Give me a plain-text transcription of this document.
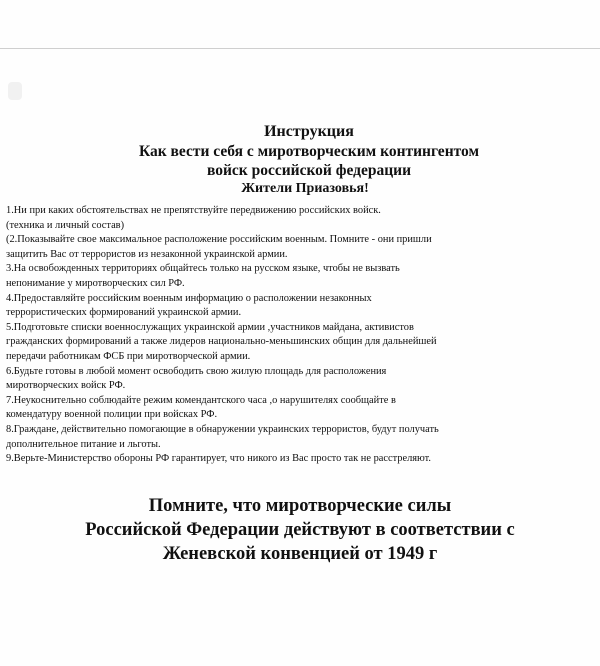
Инструкция
Как вести себя с миротворческим контингентом
войск российской федерации
Жители Приазовья!
1.Ни при каких обстоятельствах не препятствуйте передвижению российских войск.
(техника и личный состав)
(2.Показывайте свое максимальное расположение российским военным. Помните - они пришли
защитить Вас от террористов из незаконной украинской армии.
3.На освобожденных территориях общайтесь только на русском языке, чтобы не вызвать
непонимание у миротворческих сил РФ.
4.Предоставляйте российским военным информацию о расположении незаконных
террористических формирований украинской армии.
5.Подготовьте списки военнослужащих украинской армии ,участников майдана, активистов
гражданских формирований а также лидеров национально-меньшинских общин для дальнейшей
передачи работникам ФСБ при миротворческой армии.
6.Будьте готовы в любой момент освободить свою жилую площадь для расположения
миротворческих войск РФ.
7.Неукоснительно соблюдайте режим комендантского часа ,о нарушителях сообщайте в
комендатуру военной полиции при войсках РФ.
8.Граждане, действительно помогающие в обнаружении украинских террористов, будут получать
дополнительное питание и льготы.
9.Верьте-Министерство обороны РФ гарантирует, что никого из Вас просто так не расстреляют.
Помните, что миротворческие силы
Российской Федерации действуют в соответствии с
Женевской конвенцией от 1949 г
